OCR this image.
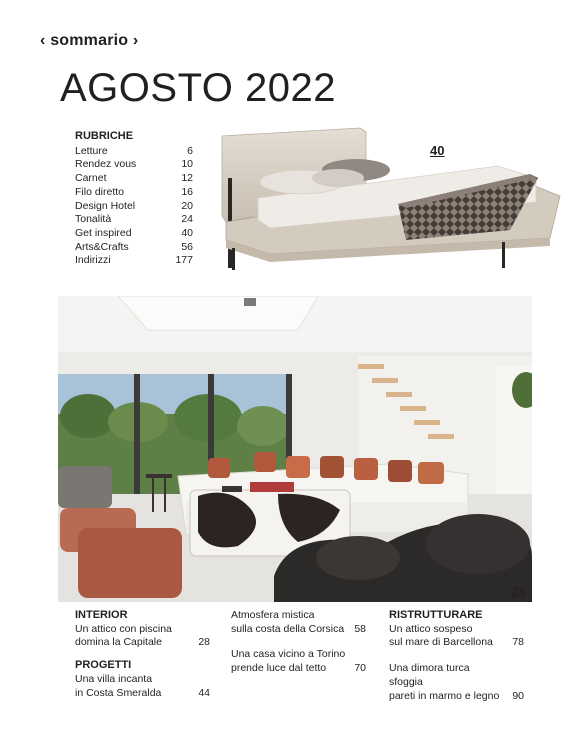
‹ sommario ›
AGOSTO 2022
RUBRICHE
Letture	6
Rendez vous	10
Carnet	12
Filo diretto	16
Design Hotel	20
Tonalità	24
Get inspired	40
Arts&Crafts	56
Indirizzi	177
40
28
INTERIOR
Un attico con piscina
domina la Capitale	28
PROGETTI
Una villa incanta
in Costa Smeralda	44
Atmosfera mistica
sulla costa della Corsica 58
Una casa vicino a Torino
prende luce dal tetto	70
RISTRUTTURARE
Un attico sospeso
sul mare di Barcellona 78
Una dimora turca sfoggia
pareti in marmo e legno	90
